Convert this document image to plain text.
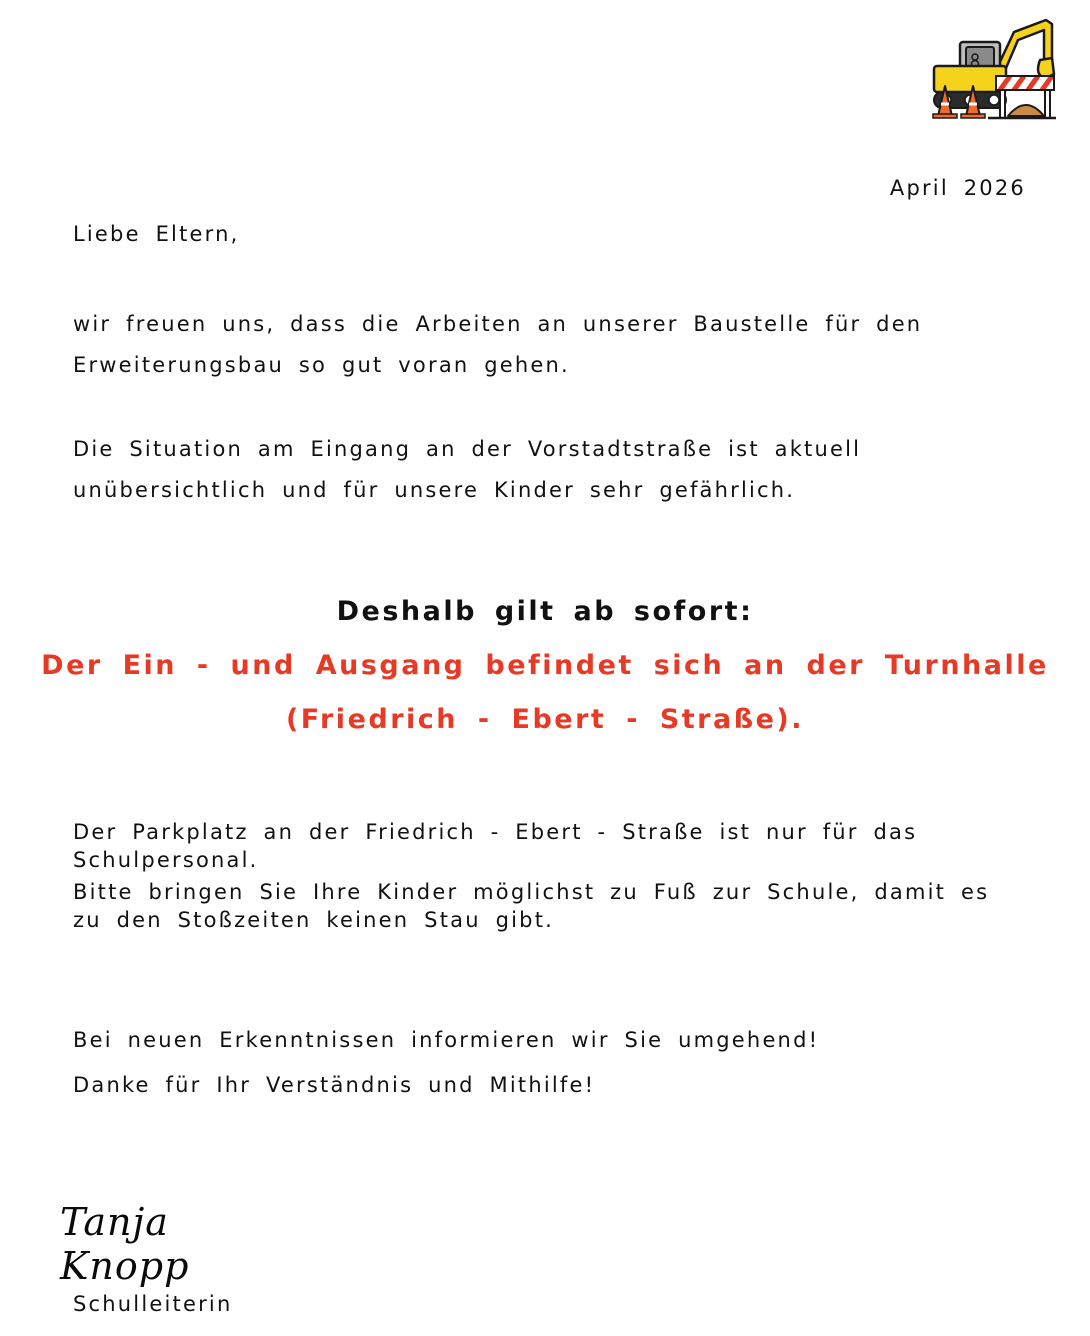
April 2026

Liebe Eltern,

wir freuen uns, dass die Arbeiten an unserer Baustelle für den Erweiterungsbau so gut voran gehen.

Die Situation am Eingang an der Vorstadtstraße ist aktuell unübersichtlich und für unsere Kinder sehr gefährlich.

Deshalb gilt ab sofort:

Der Ein - und Ausgang befindet sich an der Turnhalle

(Friedrich - Ebert - Straße).

Der Parkplatz an der Friedrich - Ebert - Straße ist nur für das Schulpersonal.

Bitte bringen Sie Ihre Kinder möglichst zu Fuß zur Schule, damit es zu den Stoßzeiten keinen Stau gibt.

Bei neuen Erkenntnissen informieren wir Sie umgehend!

Danke für Ihr Verständnis und Mithilfe!

Tanja Knopp

Schulleiterin
